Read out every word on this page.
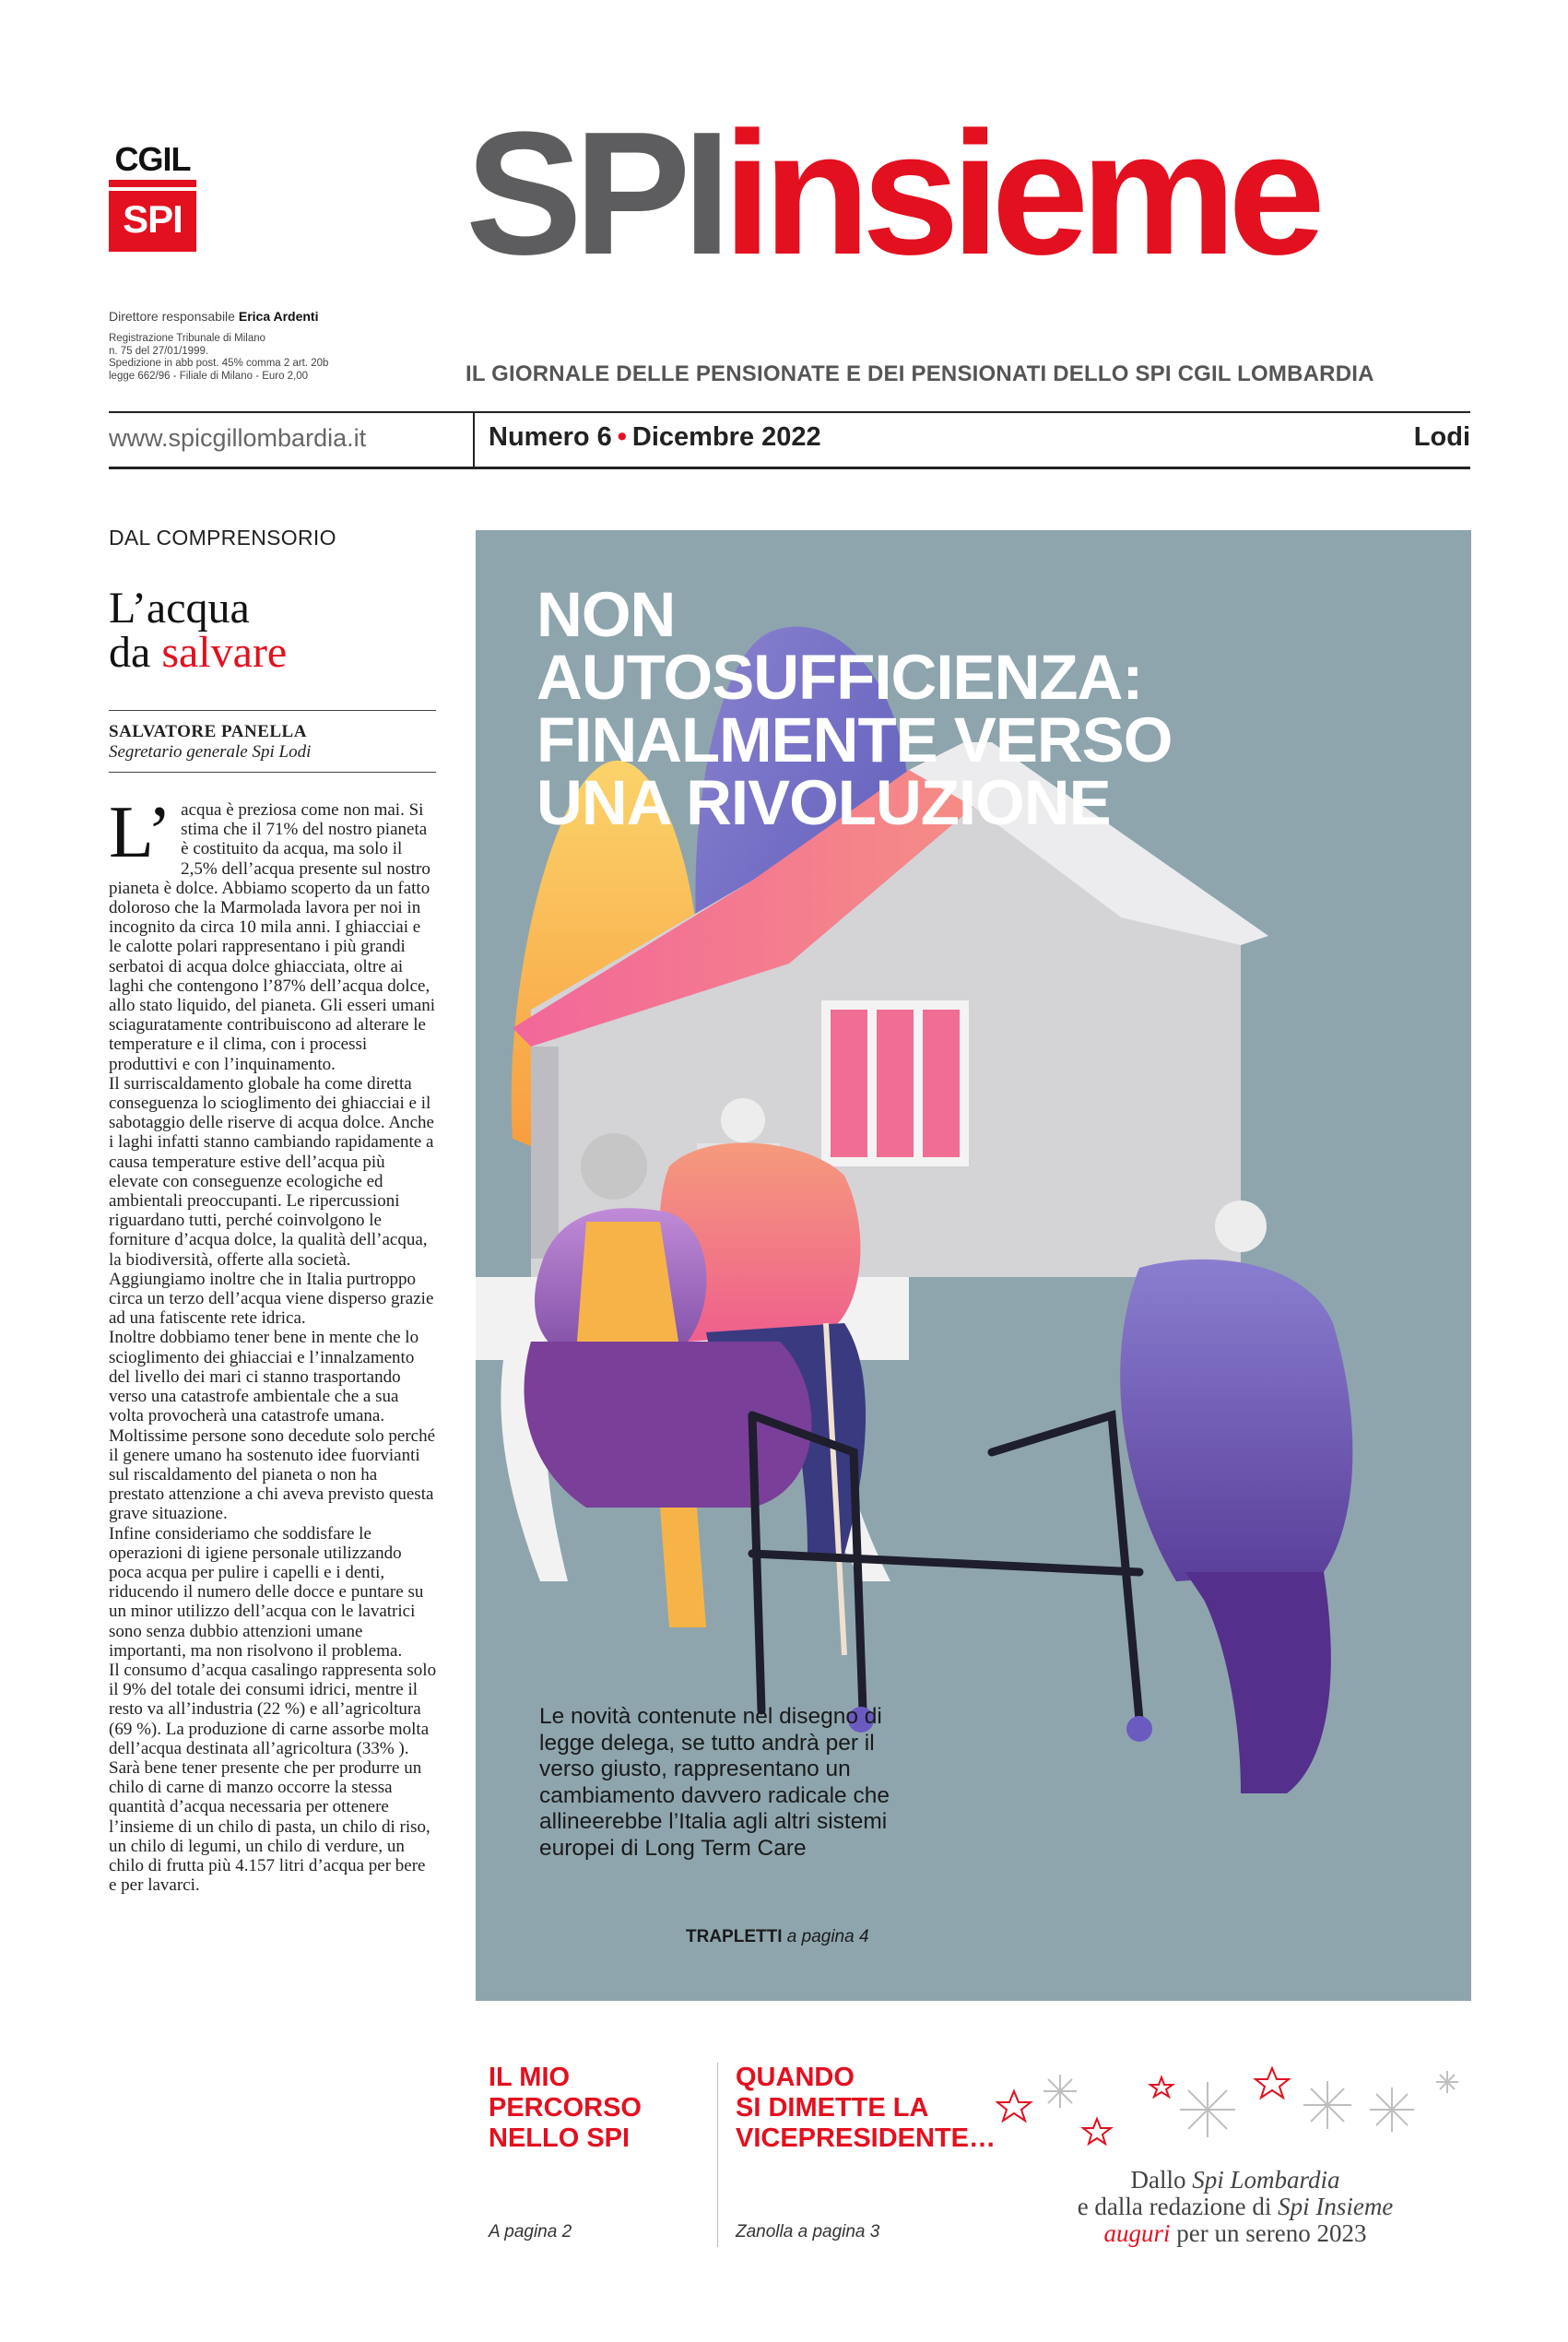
CGIL
SPI SPIinsieme
IL GIORNALE DELLE PENSIONATE E DEI PENSIONATI DELLO SPI CGIL LOMBARDIA
Direttore responsabile Erica Ardenti
Registrazione Tribunale di Milano
n. 75 del 27/01/1999.
Spedizione in abb post. 45% comma 2 art. 20b
legge 662/96 - Filiale di Milano - Euro 2,00
www.spicgillombardia.it	Numero 6 • Dicembre 2022	Lodi
DAL COMPRENSORIO
L’acqua
da salvare
SALVATORE PANELLA
Segretario generale Spi Lodi
L’ acqua è preziosa come non mai. Si stima che il 71% del nostro pianeta è costituito da acqua, ma solo il 2,5% dell’acqua presente sul nostro pianeta è dolce. Abbiamo scoperto da un fatto doloroso che la Marmolada lavora per noi in incognito da circa 10 mila anni. I ghiacciai e le calotte polari rappresentano i più grandi serbatoi di acqua dolce ghiacciata, oltre ai laghi che contengono l’87% dell’acqua dolce, allo stato liquido, del pianeta. Gli esseri umani sciaguratamente contribuiscono ad alterare le temperature e il clima, con i processi produttivi e con l’inquinamento.

Il surriscaldamento globale ha come diretta conseguenza lo scioglimento dei ghiacciai e il sabotaggio delle riserve di acqua dolce. Anche i laghi infatti stanno cambiando rapidamente a causa temperature estive dell’acqua più elevate con conseguenze ecologiche ed ambientali preoccupanti. Le ripercussioni riguardano tutti, perché coinvolgono le forniture d’acqua dolce, la qualità dell’acqua, la biodiversità, offerte alla società. Aggiungiamo inoltre che in Italia purtroppo circa un terzo dell’acqua viene disperso grazie ad una fatiscente rete idrica.

Inoltre dobbiamo tener bene in mente che lo scioglimento dei ghiacciai e l’innalzamento del livello dei mari ci stanno trasportando verso una catastrofe ambientale che a sua volta provocherà una catastrofe umana. Moltissime persone sono decedute solo perché il genere umano ha sostenuto idee fuorvianti sul riscaldamento del pianeta o non ha prestato attenzione a chi aveva previsto questa grave situazione.

Infine consideriamo che soddisfare le operazioni di igiene personale utilizzando poca acqua per pulire i capelli e i denti, riducendo il numero delle docce e puntare su un minor utilizzo dell’acqua con le lavatrici sono senza dubbio attenzioni umane importanti, ma non risolvono il problema.

Il consumo d’acqua casalingo rappresenta solo il 9% del totale dei consumi idrici, mentre il resto va all’industria (22 %) e all’agricoltura (69 %). La produzione di carne assorbe molta dell’acqua destinata all’agricoltura (33% ).

Sarà bene tener presente che per produrre un chilo di carne di manzo occorre la stessa quantità d’acqua necessaria per ottenere l’insieme di un chilo di pasta, un chilo di riso, un chilo di legumi, un chilo di verdure, un chilo di frutta più 4.157 litri d’acqua per bere e per lavarci.

NON
AUTOSUFFICIENZA:
FINALMENTE VERSO
UNA RIVOLUZIONE
Le novità contenute nel disegno di legge delega, se tutto andrà per il verso giusto, rappresentano un cambiamento davvero radicale che allineerebbe l’Italia agli altri sistemi europei di Long Term Care
TRAPLETTI a pagina 4
IL MIO
PERCORSO
NELLO SPI
A pagina 2
QUANDO
SI DIMETTE LA
VICEPRESIDENTE…
Zanolla a pagina 3
Dallo Spi Lombardia
e dalla redazione di Spi Insieme
auguri per un sereno 2023
